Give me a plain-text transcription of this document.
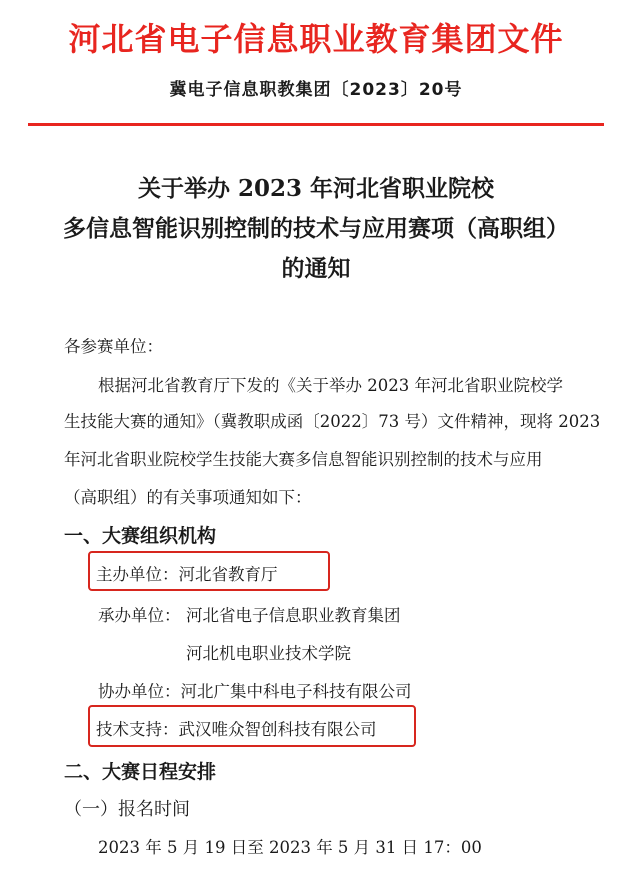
河北省电子信息职业教育集团文件
冀电子信息职教集团〔2023〕20号
关于举办 2023 年河北省职业院校
多信息智能识别控制的技术与应用赛项（高职组）
的通知
各参赛单位：
根据河北省教育厅下发的《关于举办 2023 年河北省职业院校学
生技能大赛的通知》（冀教职成函〔2022〕73 号）文件精神，现将 2023
年河北省职业院校学生技能大赛多信息智能识别控制的技术与应用
（高职组）的有关事项通知如下：
一、大赛组织机构
主办单位：河北省教育厅
承办单位： 河北省电子信息职业教育集团
河北机电职业技术学院
协办单位：河北广集中科电子科技有限公司
技术支持：武汉唯众智创科技有限公司
二、大赛日程安排
（一）报名时间
2023 年 5 月 19 日至 2023 年 5 月 31 日 17：00
